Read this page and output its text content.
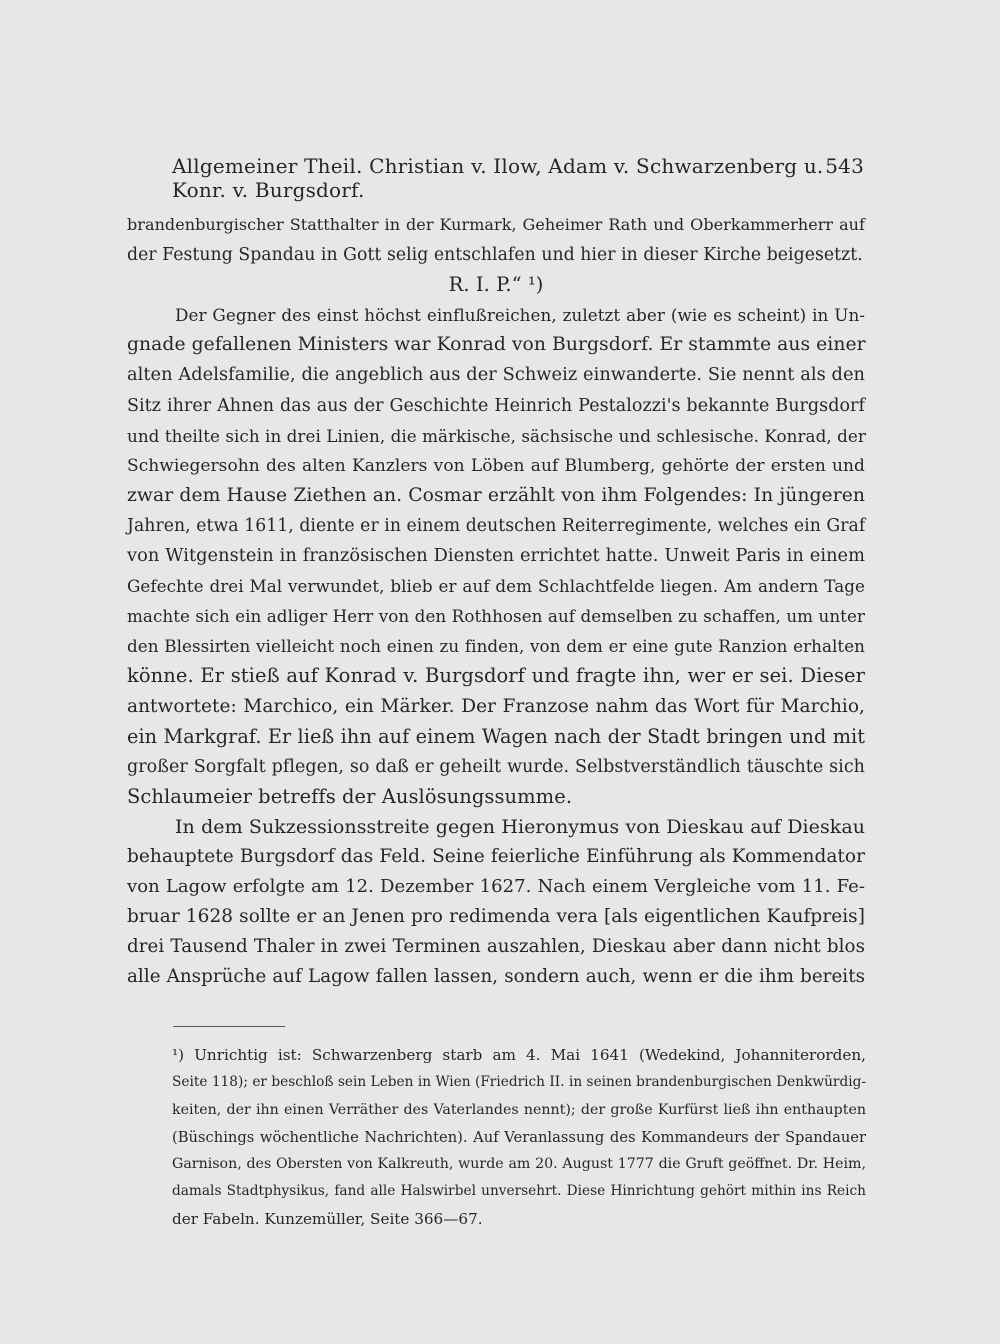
Allgemeiner Theil. Christian v. Ilow, Adam v. Schwarzenberg u. Konr. v. Burgsdorf.
543
brandenburgischer Statthalter in der Kurmark, Geheimer Rath und Oberkammerherr auf
der Festung Spandau in Gott selig entschlafen und hier in dieser Kirche beigesetzt.
R. I. P.“ ¹)
Der Gegner des einst höchst einflußreichen, zuletzt aber (wie es scheint) in Un-
gnade gefallenen Ministers war Konrad von Burgsdorf. Er stammte aus einer
alten Adelsfamilie, die angeblich aus der Schweiz einwanderte. Sie nennt als den
Sitz ihrer Ahnen das aus der Geschichte Heinrich Pestalozzi's bekannte Burgsdorf
und theilte sich in drei Linien, die märkische, sächsische und schlesische. Konrad, der
Schwiegersohn des alten Kanzlers von Löben auf Blumberg, gehörte der ersten und
zwar dem Hause Ziethen an. Cosmar erzählt von ihm Folgendes: In jüngeren
Jahren, etwa 1611, diente er in einem deutschen Reiterregimente, welches ein Graf
von Witgenstein in französischen Diensten errichtet hatte. Unweit Paris in einem
Gefechte drei Mal verwundet, blieb er auf dem Schlachtfelde liegen. Am andern Tage
machte sich ein adliger Herr von den Rothhosen auf demselben zu schaffen, um unter
den Blessirten vielleicht noch einen zu finden, von dem er eine gute Ranzion erhalten
könne. Er stieß auf Konrad v. Burgsdorf und fragte ihn, wer er sei. Dieser
antwortete: Marchico, ein Märker. Der Franzose nahm das Wort für Marchio,
ein Markgraf. Er ließ ihn auf einem Wagen nach der Stadt bringen und mit
großer Sorgfalt pflegen, so daß er geheilt wurde. Selbstverständlich täuschte sich
Schlaumeier betreffs der Auslösungssumme.
In dem Sukzessionsstreite gegen Hieronymus von Dieskau auf Dieskau
behauptete Burgsdorf das Feld. Seine feierliche Einführung als Kommendator
von Lagow erfolgte am 12. Dezember 1627. Nach einem Vergleiche vom 11. Fe-
bruar 1628 sollte er an Jenen pro redimenda vera [als eigentlichen Kaufpreis]
drei Tausend Thaler in zwei Terminen auszahlen, Dieskau aber dann nicht blos
alle Ansprüche auf Lagow fallen lassen, sondern auch, wenn er die ihm bereits
¹) Unrichtig ist: Schwarzenberg starb am 4. Mai 1641 (Wedekind, Johanniterorden,
Seite 118); er beschloß sein Leben in Wien (Friedrich II. in seinen brandenburgischen Denkwürdig-
keiten, der ihn einen Verräther des Vaterlandes nennt); der große Kurfürst ließ ihn enthaupten
(Büschings wöchentliche Nachrichten). Auf Veranlassung des Kommandeurs der Spandauer
Garnison, des Obersten von Kalkreuth, wurde am 20. August 1777 die Gruft geöffnet. Dr. Heim,
damals Stadtphysikus, fand alle Halswirbel unversehrt. Diese Hinrichtung gehört mithin ins Reich
der Fabeln. Kunzemüller, Seite 366—67.
